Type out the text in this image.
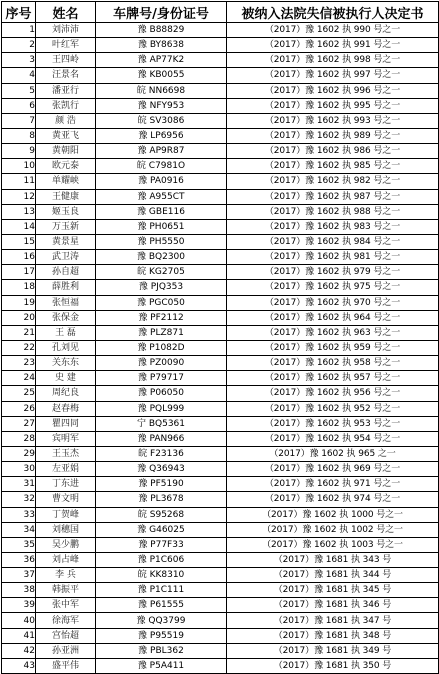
序号	姓名	车牌号/身份证号	被纳入法院失信被执行人决定书
1	刘沛沛	豫 B88829	（2017）豫 1602 执 990 号之一
2	叶红军	豫 BY8638	（2017）豫 1602 执 991 号之一
3	王四岭	豫 AP77K2	（2017）豫 1602 执 998 号之一
4	汪景名	豫 KB0055	（2017）豫 1602 执 997 号之一
5	潘亚行	皖 NN6698	（2017）豫 1602 执 996 号之一
6	张凯行	豫 NFY953	（2017）豫 1602 执 995 号之一
7	颜 浩	皖 SV3086	（2017）豫 1602 执 993 号之一
8	黄亚飞	豫 LP6956	（2017）豫 1602 执 989 号之一
9	黄朝阳	豫 AP9R87	（2017）豫 1602 执 986 号之一
10	欧元泰	皖 C7981O	（2017）豫 1602 执 985 号之一
11	单耀峡	豫 PA0916	（2017）豫 1602 执 982 号之一
12	王健康	豫 A955CT	（2017）豫 1602 执 987 号之一
13	姬玉良	豫 GBE116	（2017）豫 1602 执 988 号之一
14	万玉新	豫 PH0651	（2017）豫 1602 执 983 号之一
15	黄景星	豫 PH5550	（2017）豫 1602 执 984 号之一
16	武卫涛	豫 BQ2300	（2017）豫 1602 执 981 号之一
17	孙自超	皖 KG2705	（2017）豫 1602 执 979 号之一
18	薛胜利	豫 PJQ353	（2017）豫 1602 执 975 号之一
19	张恒福	豫 PGC050	（2017）豫 1602 执 970 号之一
20	张保金	豫 PF2112	（2017）豫 1602 执 964 号之一
21	王 磊	豫 PLZ871	（2017）豫 1602 执 963 号之一
22	孔刘见	豫 P1082D	（2017）豫 1602 执 959 号之一
23	关东东	豫 PZ0090	（2017）豫 1602 执 958 号之一
24	史 建	豫 P79717	（2017）豫 1602 执 957 号之一
25	周纪良	豫 P06050	（2017）豫 1602 执 956 号之一
26	赵春梅	豫 PQL999	（2017）豫 1602 执 952 号之一
27	瞿四同	宁 BQ5361	（2017）豫 1602 执 953 号之一
28	宾明军	豫 PAN966	（2017）豫 1602 执 954 号之一
29	王玉杰	皖 F23136	（2017）豫 1602 执 965 之一
30	左亚娟	豫 Q36943	（2017）豫 1602 执 969 号之一
31	丁东进	豫 PF5190	（2017）豫 1602 执 971 号之一
32	曹文明	豫 PL3678	（2017）豫 1602 执 974 号之一
33	丁贺峰	皖 S95268	（2017）豫 1602 执 1000 号之一
34	刘穗国	豫 G46025	（2017）豫 1602 执 1002 号之一
35	吴少鹏	豫 P77F33	（2017）豫 1602 执 1003 号之一
36	刘占峰	豫 P1C606	（2017）豫 1681 执 343 号
37	李 兵	皖 KK8310	（2017）豫 1681 执 344 号
38	韩振平	豫 P1C111	（2017）豫 1681 执 345 号
39	张中军	豫 P61555	（2017）豫 1681 执 346 号
40	徐海军	豫 QQ3799	（2017）豫 1681 执 347 号
41	宫怡超	豫 P95519	（2017）豫 1681 执 348 号
42	孙亚洲	豫 PBL362	（2017）豫 1681 执 349 号
43	盛平伟	豫 P5A411	（2017）豫 1681 执 350 号
